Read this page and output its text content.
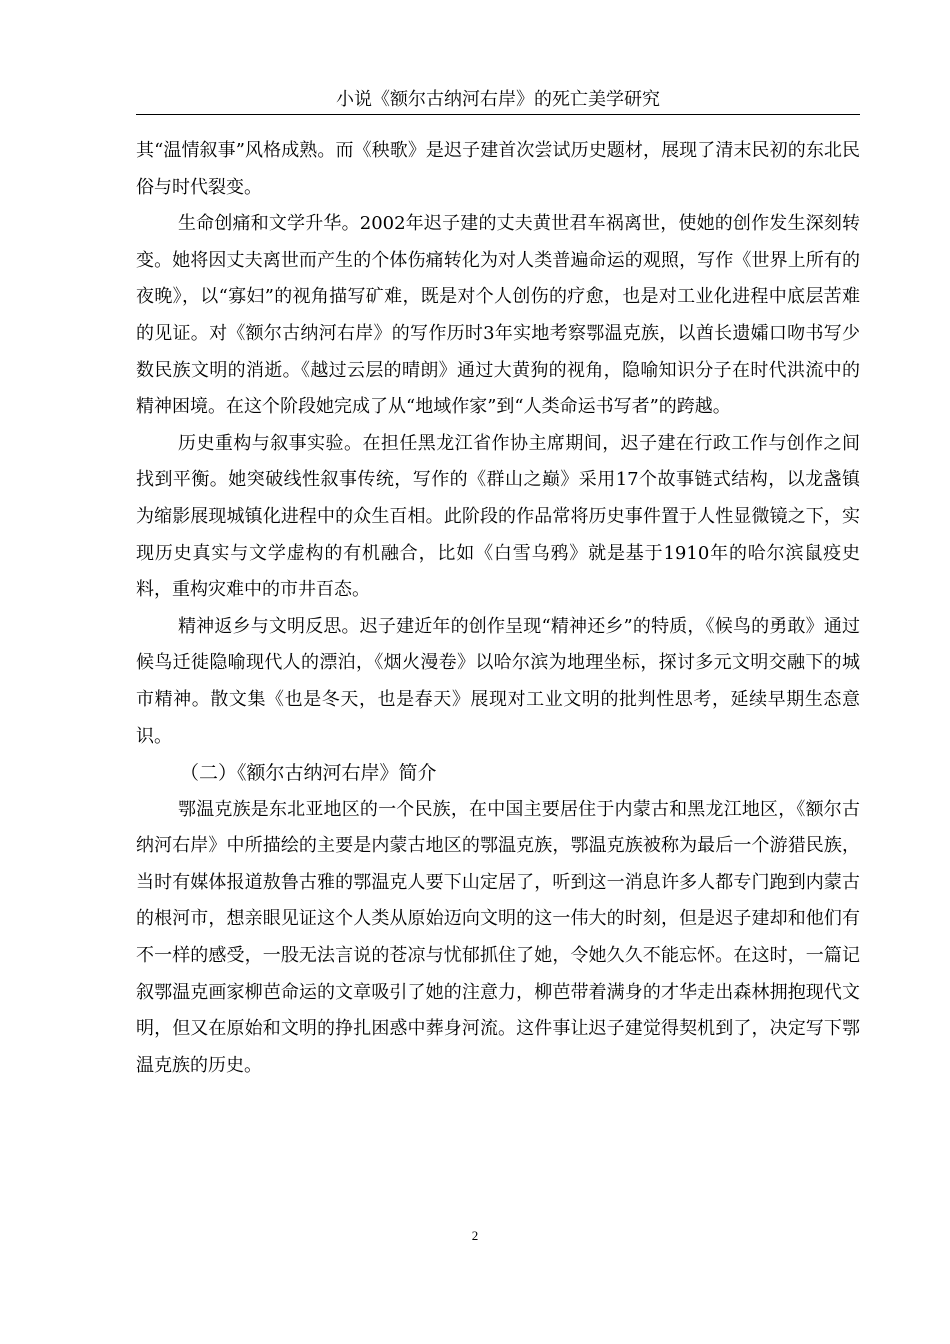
小说《额尔古纳河右岸》的死亡美学研究

其“温情叙事”风格成熟。而《秧歌》是迟子建首次尝试历史题材，展现了清末民初的东北民俗与时代裂变。

生命创痛和文学升华。2002年迟子建的丈夫黄世君车祸离世，使她的创作发生深刻转变。她将因丈夫离世而产生的个体伤痛转化为对人类普遍命运的观照，写作《世界上所有的夜晚》，以“寡妇”的视角描写矿难，既是对个人创伤的疗愈，也是对工业化进程中底层苦难的见证。对《额尔古纳河右岸》的写作历时3年实地考察鄂温克族，以酋长遗孀口吻书写少数民族文明的消逝。《越过云层的晴朗》通过大黄狗的视角，隐喻知识分子在时代洪流中的精神困境。在这个阶段她完成了从“地域作家”到“人类命运书写者”的跨越。

历史重构与叙事实验。在担任黑龙江省作协主席期间，迟子建在行政工作与创作之间找到平衡。她突破线性叙事传统，写作的《群山之巅》采用17个故事链式结构，以龙盏镇为缩影展现城镇化进程中的众生百相。此阶段的作品常将历史事件置于人性显微镜之下，实现历史真实与文学虚构的有机融合，比如《白雪乌鸦》就是基于1910年的哈尔滨鼠疫史料，重构灾难中的市井百态。

精神返乡与文明反思。迟子建近年的创作呈现“精神还乡”的特质，《候鸟的勇敢》通过候鸟迁徙隐喻现代人的漂泊，《烟火漫卷》以哈尔滨为地理坐标，探讨多元文明交融下的城市精神。散文集《也是冬天，也是春天》展现对工业文明的批判性思考，延续早期生态意识。

（二）《额尔古纳河右岸》简介

鄂温克族是东北亚地区的一个民族，在中国主要居住于内蒙古和黑龙江地区，《额尔古纳河右岸》中所描绘的主要是内蒙古地区的鄂温克族，鄂温克族被称为最后一个游猎民族，当时有媒体报道敖鲁古雅的鄂温克人要下山定居了，听到这一消息许多人都专门跑到内蒙古的根河市，想亲眼见证这个人类从原始迈向文明的这一伟大的时刻，但是迟子建却和他们有不一样的感受，一股无法言说的苍凉与忧郁抓住了她，令她久久不能忘怀。在这时，一篇记叙鄂温克画家柳芭命运的文章吸引了她的注意力，柳芭带着满身的才华走出森林拥抱现代文明，但又在原始和文明的挣扎困惑中葬身河流。这件事让迟子建觉得契机到了，决定写下鄂温克族的历史。

2
